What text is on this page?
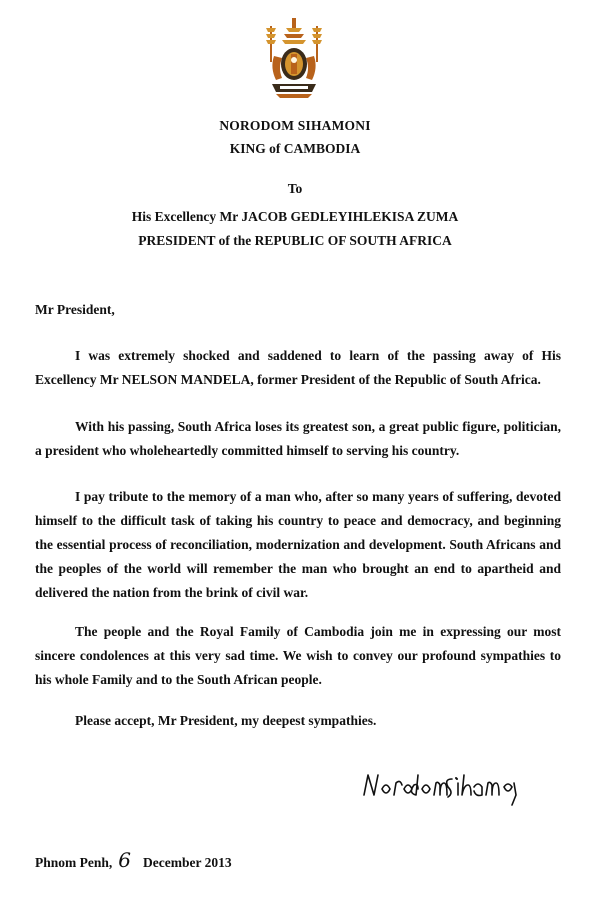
NORODOM SIHAMONI
KING of CAMBODIA
To
His Excellency Mr JACOB GEDLEYIHLEKISA ZUMA
PRESIDENT of the REPUBLIC OF SOUTH AFRICA
Mr President,

I was extremely shocked and saddened to learn of the passing away of His Excellency Mr NELSON MANDELA, former President of the Republic of South Africa.

With his passing, South Africa loses its greatest son, a great public figure, politician, a president who wholeheartedly committed himself to serving his country.

I pay tribute to the memory of a man who, after so many years of suffering, devoted himself to the difficult task of taking his country to peace and democracy, and beginning the essential process of reconciliation, modernization and development. South Africans and the peoples of the world will remember the man who brought an end to apartheid and delivered the nation from the brink of civil war.

The people and the Royal Family of Cambodia join me in expressing our most sincere condolences at this very sad time. We wish to convey our profound sympathies to his whole Family and to the South African people.

Please accept, Mr President, my deepest sympathies.

Phnom Penh, 6 December 2013
